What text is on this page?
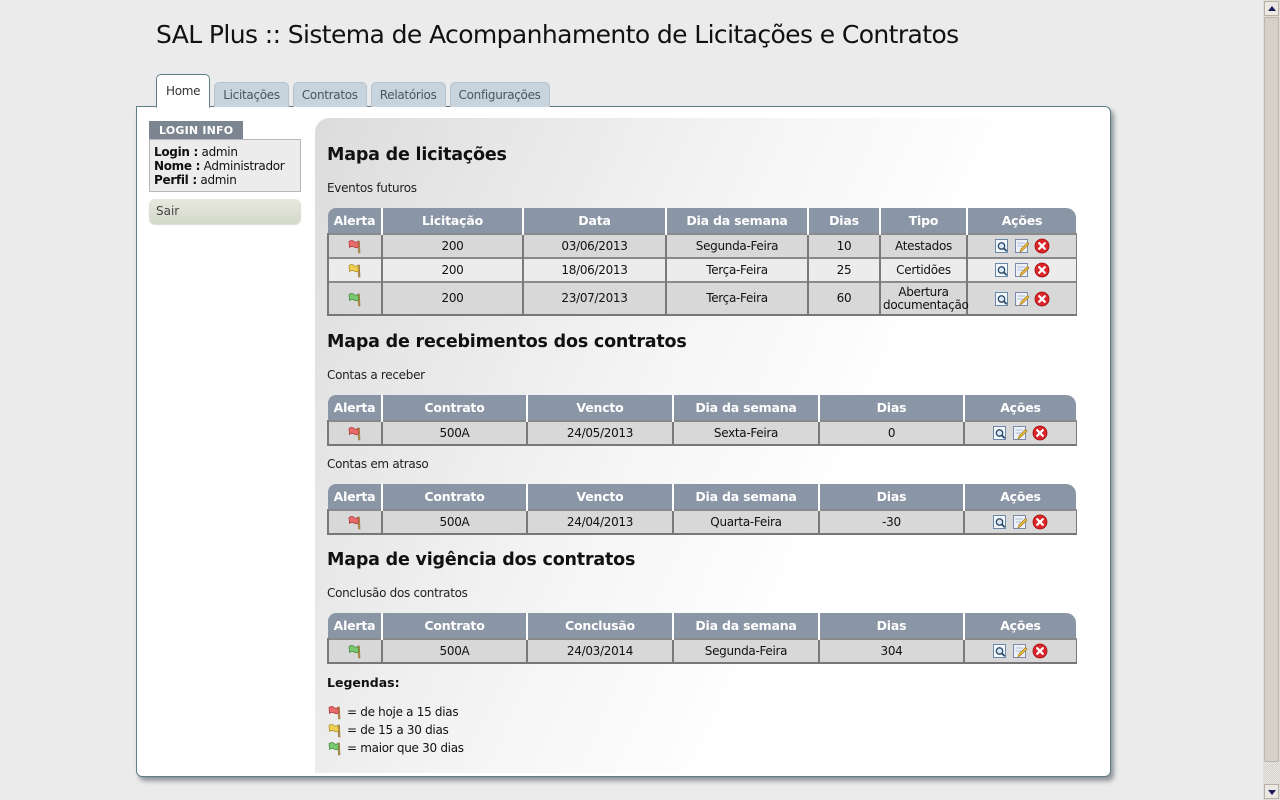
SAL Plus :: Sistema de Acompanhamento de Licitações e Contratos
Home	Licitações	Contratos	Relatórios	Configurações
LOGIN INFO
Login : admin
Nome : Administrador
Perfil : admin
Sair
Mapa de licitações
Eventos futuros
Alerta	Licitação	Data	Dia da semana	Dias	Tipo	Ações
	200	03/06/2013	Segunda-Feira	10	Atestados	

	200	18/06/2013	Terça-Feira	25	Certidões	

	200	23/07/2013	Terça-Feira	60	Abertura
documentação	
Mapa de recebimentos dos contratos
Contas a receber
Alerta	Contrato	Vencto	Dia da semana	Dias	Ações
	500A	24/05/2013	Sexta-Feira	0	
Contas em atraso
Alerta	Contrato	Vencto	Dia da semana	Dias	Ações
	500A	24/04/2013	Quarta-Feira	-30	
Mapa de vigência dos contratos
Conclusão dos contratos
Alerta	Contrato	Conclusão	Dia da semana	Dias	Ações
	500A	24/03/2014	Segunda-Feira	304	
Legendas:
= de hoje a 15 dias
= de 15 a 30 dias
= maior que 30 dias
